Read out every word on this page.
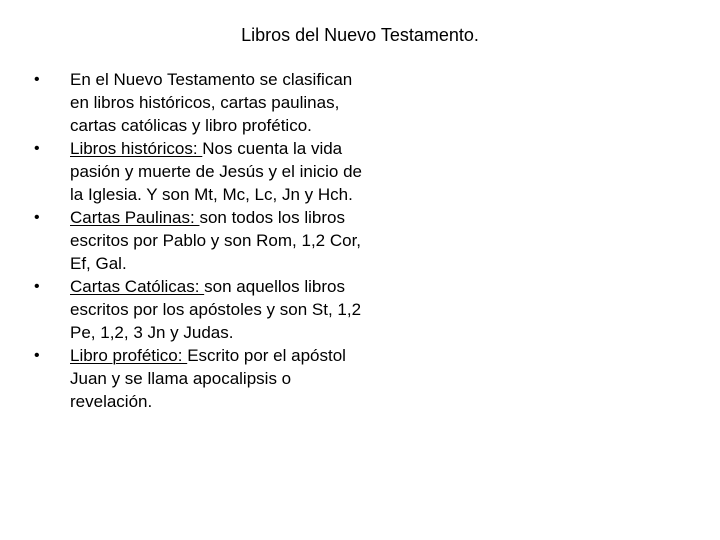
Libros del Nuevo Testamento.
•	En el Nuevo Testamento se clasifican en libros históricos, cartas paulinas, cartas católicas y libro profético.
•	Libros históricos: Nos cuenta la vida pasión y muerte de Jesús y el inicio de la Iglesia. Y son Mt, Mc, Lc, Jn y Hch.
•	Cartas Paulinas: son todos los libros escritos por Pablo y son Rom, 1,2 Cor, Ef, Gal.
•	Cartas Católicas: son aquellos libros escritos por los apóstoles y son St, 1,2 Pe, 1,2, 3 Jn y Judas.
•	Libro profético: Escrito por el apóstol Juan y se llama apocalipsis o revelación.
